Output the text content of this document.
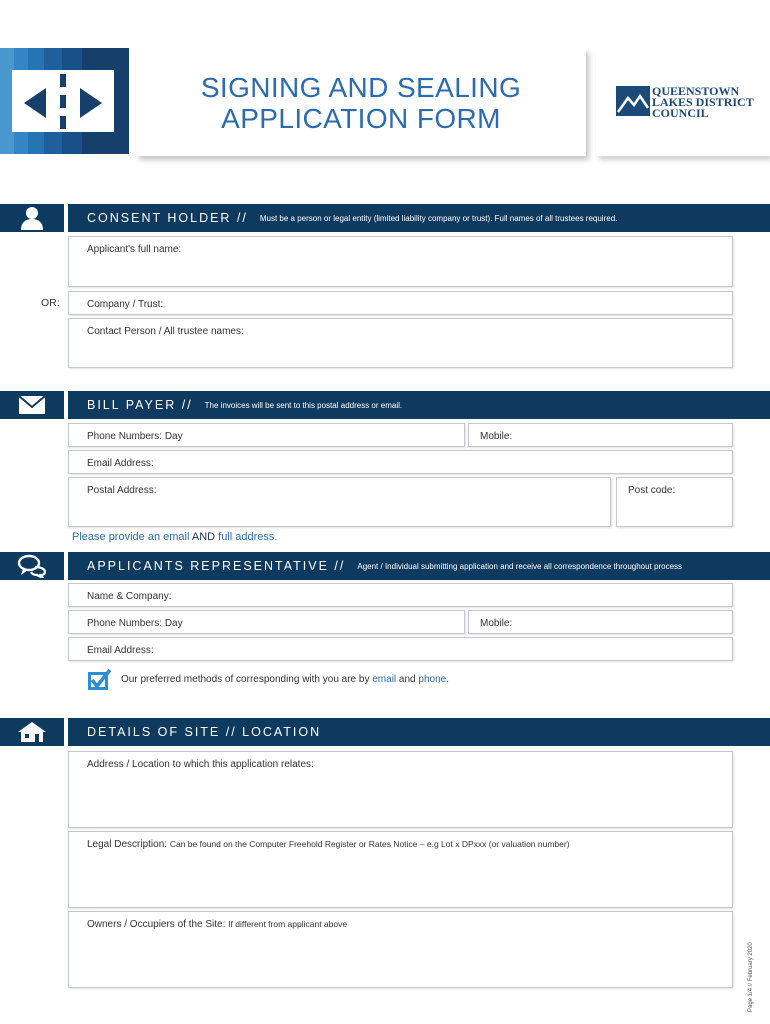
SIGNING AND SEALING
APPLICATION FORM
QUEENSTOWN
LAKES DISTRICT
COUNCIL
CONSENT HOLDER // Must be a person or legal entity (limited liability company or trust). Full names of all trustees required.
Applicant's full name:
OR:	Company / Trust:
Contact Person / All trustee names:
BILL PAYER // The invoices will be sent to this postal address or email.
Phone Numbers: Day	Mobile:
Email Address:
Postal Address:	Post code:
Please provide an email AND full address.
APPLICANTS REPRESENTATIVE // Agent / Individual submitting application and receive all correspondence throughout process
Name & Company:
Phone Numbers: Day	Mobile:
Email Address:
Our preferred methods of corresponding with you are by email and phone.
DETAILS OF SITE // LOCATION
Address / Location to which this application relates:
Legal Description: Can be found on the Computer Freehold Register or Rates Notice – e.g Lot x DPxxx (or valuation number)
Owners / Occupiers of the Site: If different from applicant above
Page 1/4 // February 2020
